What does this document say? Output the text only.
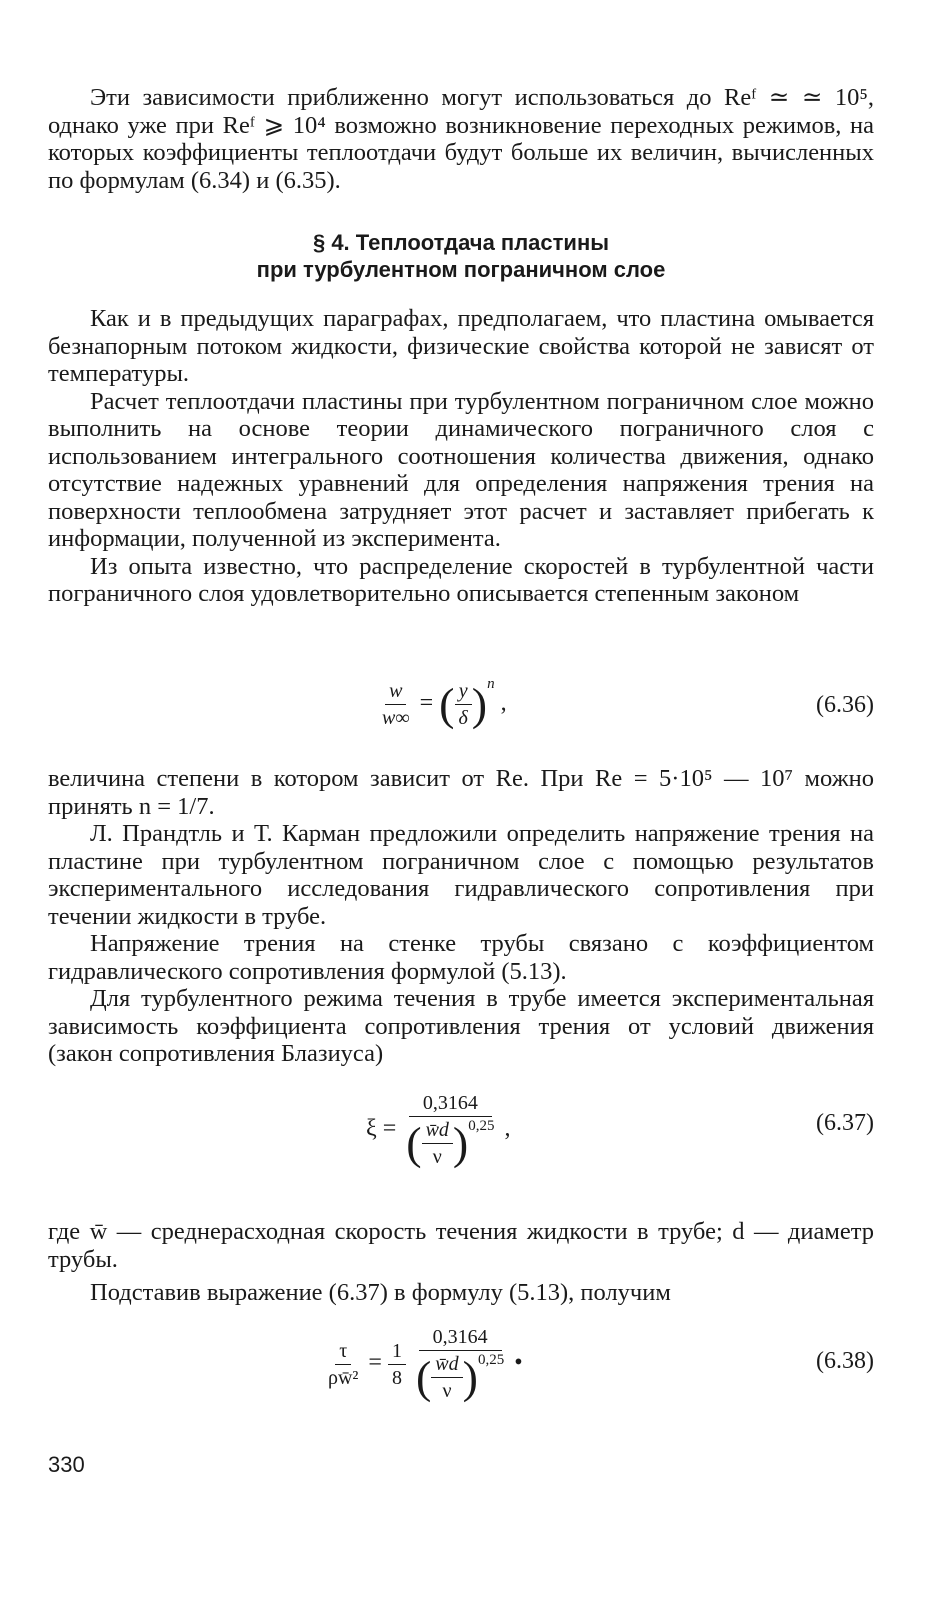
Эти зависимости приближенно могут использоваться до Reᶠ ≃ ≃ 10⁵, однако уже при Reᶠ ⩾ 10⁴ возможно возникновение переходных режимов, на которых коэффициенты теплоотдачи будут больше их величин, вычисленных по формулам (6.34) и (6.35).

§ 4. Теплоотдача пластины
при турбулентном пограничном слое

Как и в предыдущих параграфах, предполагаем, что пластина омывается безнапорным потоком жидкости, физические свойства которой не зависят от температуры.

Расчет теплоотдачи пластины при турбулентном пограничном слое можно выполнить на основе теории динамического пограничного слоя с использованием интегрального соотношения количества движения, однако отсутствие надежных уравнений для определения напряжения трения на поверхности теплообмена затрудняет этот расчет и заставляет прибегать к информации, полученной из эксперимента.

Из опыта известно, что распределение скоростей в турбулентной части пограничного слоя удовлетворительно описывается степенным законом

$\frac{w}{w\infty}$ = ( $\frac{y}{\delta} )^n$ ,	(6.36)

величина степени в котором зависит от Re. При Re = 5·10⁵ — 10⁷ можно принять n = 1/7.

Л. Прандтль и Т. Карман предложили определить напряжение трения на пластине при турбулентном пограничном слое с помощью результатов экспериментального исследования гидравлического сопротивления при течении жидкости в трубе.

Напряжение трения на стенке трубы связано с коэффициентом гидравлического сопротивления формулой (5.13).

Для турбулентного режима течения в трубе имеется экспериментальная зависимость коэффициента сопротивления трения от условий движения (закон сопротивления Блазиуса)

$\xi = \frac{0,3164}{( \frac{w̄d}{\nu} )^{0,25}}$ ,	(6.37)

где w̄ — среднерасходная скорость течения жидкости в трубе; d — диаметр трубы.

Подставив выражение (6.37) в формулу (5.13), получим

$\frac{\tau}{\text{ρw̄²}} = \frac{1}{8}$
$\frac{0,3164}{( \frac{w̄d}{\nu} )^{0,25}}$ •	(6.38)
330
